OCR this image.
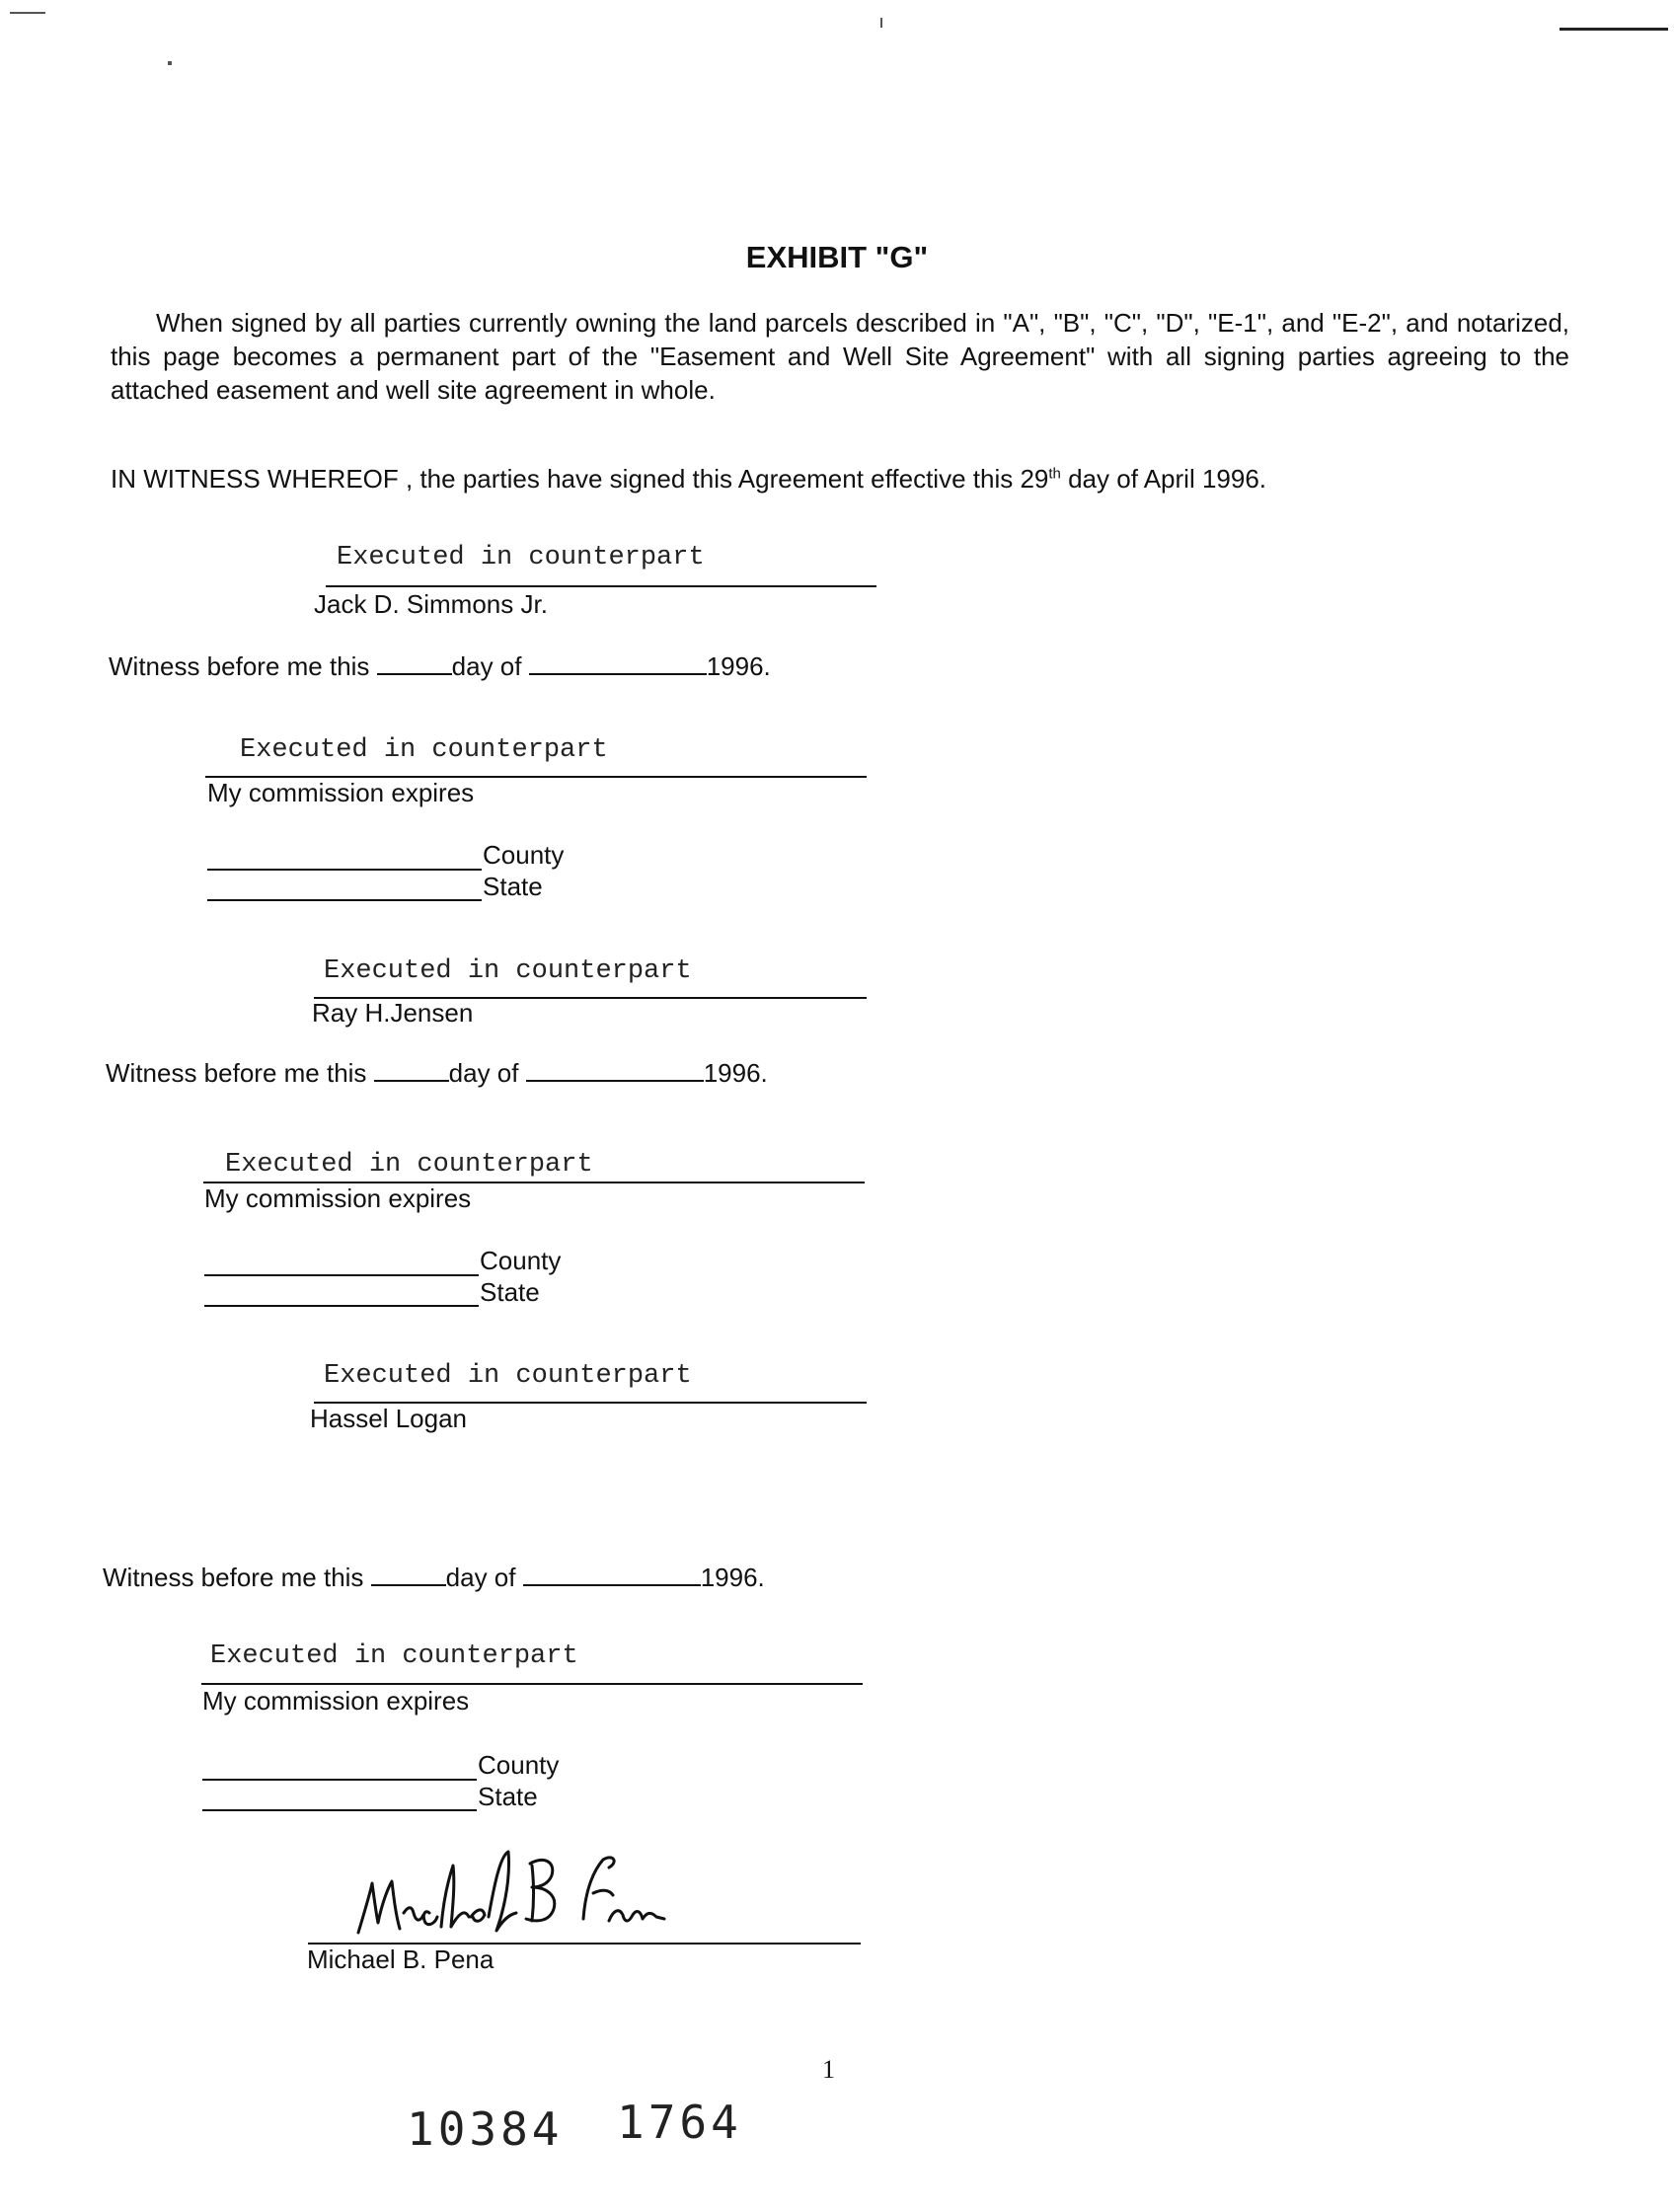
EXHIBIT "G"
When signed by all parties currently owning the land parcels described in "A", "B", "C", "D", "E-1", and "E-2", and notarized, this page becomes a permanent part of the "Easement and Well Site Agreement" with all signing parties agreeing to the attached easement and well site agreement in whole.
IN WITNESS WHEREOF , the parties have signed this Agreement effective this 29th day of April 1996.
Executed in counterpart
Jack D. Simmons Jr.
Witness before me this	day of	1996.
Executed in counterpart
My commission expires
County
State
Executed in counterpart
Ray H.Jensen
Witness before me this	day of	1996.
Executed in counterpart
My commission expires
County
State
Executed in counterpart
Hassel Logan
Witness before me this	day of	1996.
Executed in counterpart
My commission expires
County
State
Michael B. Pena
1
10384 1764
